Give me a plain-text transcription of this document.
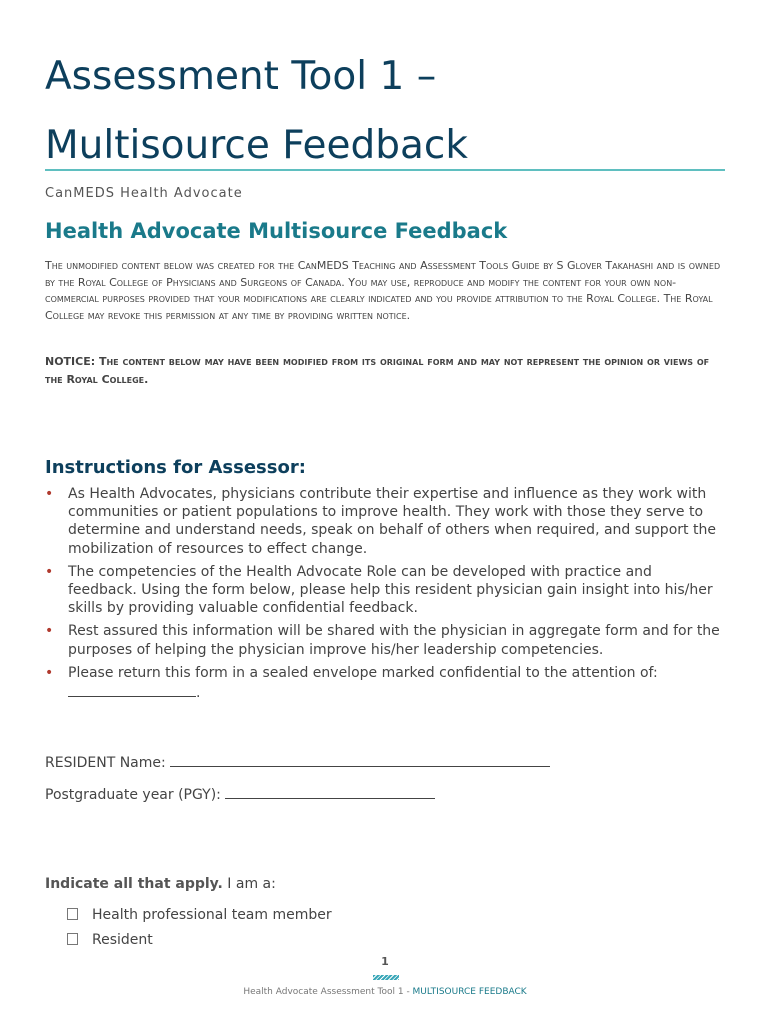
Assessment Tool 1 –
Multisource Feedback
CanMEDS Health Advocate
Health Advocate Multisource Feedback
The unmodified content below was created for the CanMEDS Teaching and Assessment Tools Guide by S Glover Takahashi and is owned by the Royal College of Physicians and Surgeons of Canada. You may use, reproduce and modify the content for your own non-commercial purposes provided that your modifications are clearly indicated and you provide attribution to the Royal College. The Royal College may revoke this permission at any time by providing written notice.
NOTICE: The content below may have been modified from its original form and may not represent the opinion or views of the Royal College.
Instructions for Assessor:
• As Health Advocates, physicians contribute their expertise and influence as they work with communities or patient populations to improve health. They work with those they serve to determine and understand needs, speak on behalf of others when required, and support the mobilization of resources to effect change.
• The competencies of the Health Advocate Role can be developed with practice and feedback. Using the form below, please help this resident physician gain insight into his/her skills by providing valuable confidential feedback.
• Rest assured this information will be shared with the physician in aggregate form and for the purposes of helping the physician improve his/her leadership competencies.
• Please return this form in a sealed envelope marked confidential to the attention of:.
RESIDENT Name:
Postgraduate year (PGY):
Indicate all that apply. I am a:
Health professional team member
Resident
1
Health Advocate Assessment Tool 1 - MULTISOURCE FEEDBACK
